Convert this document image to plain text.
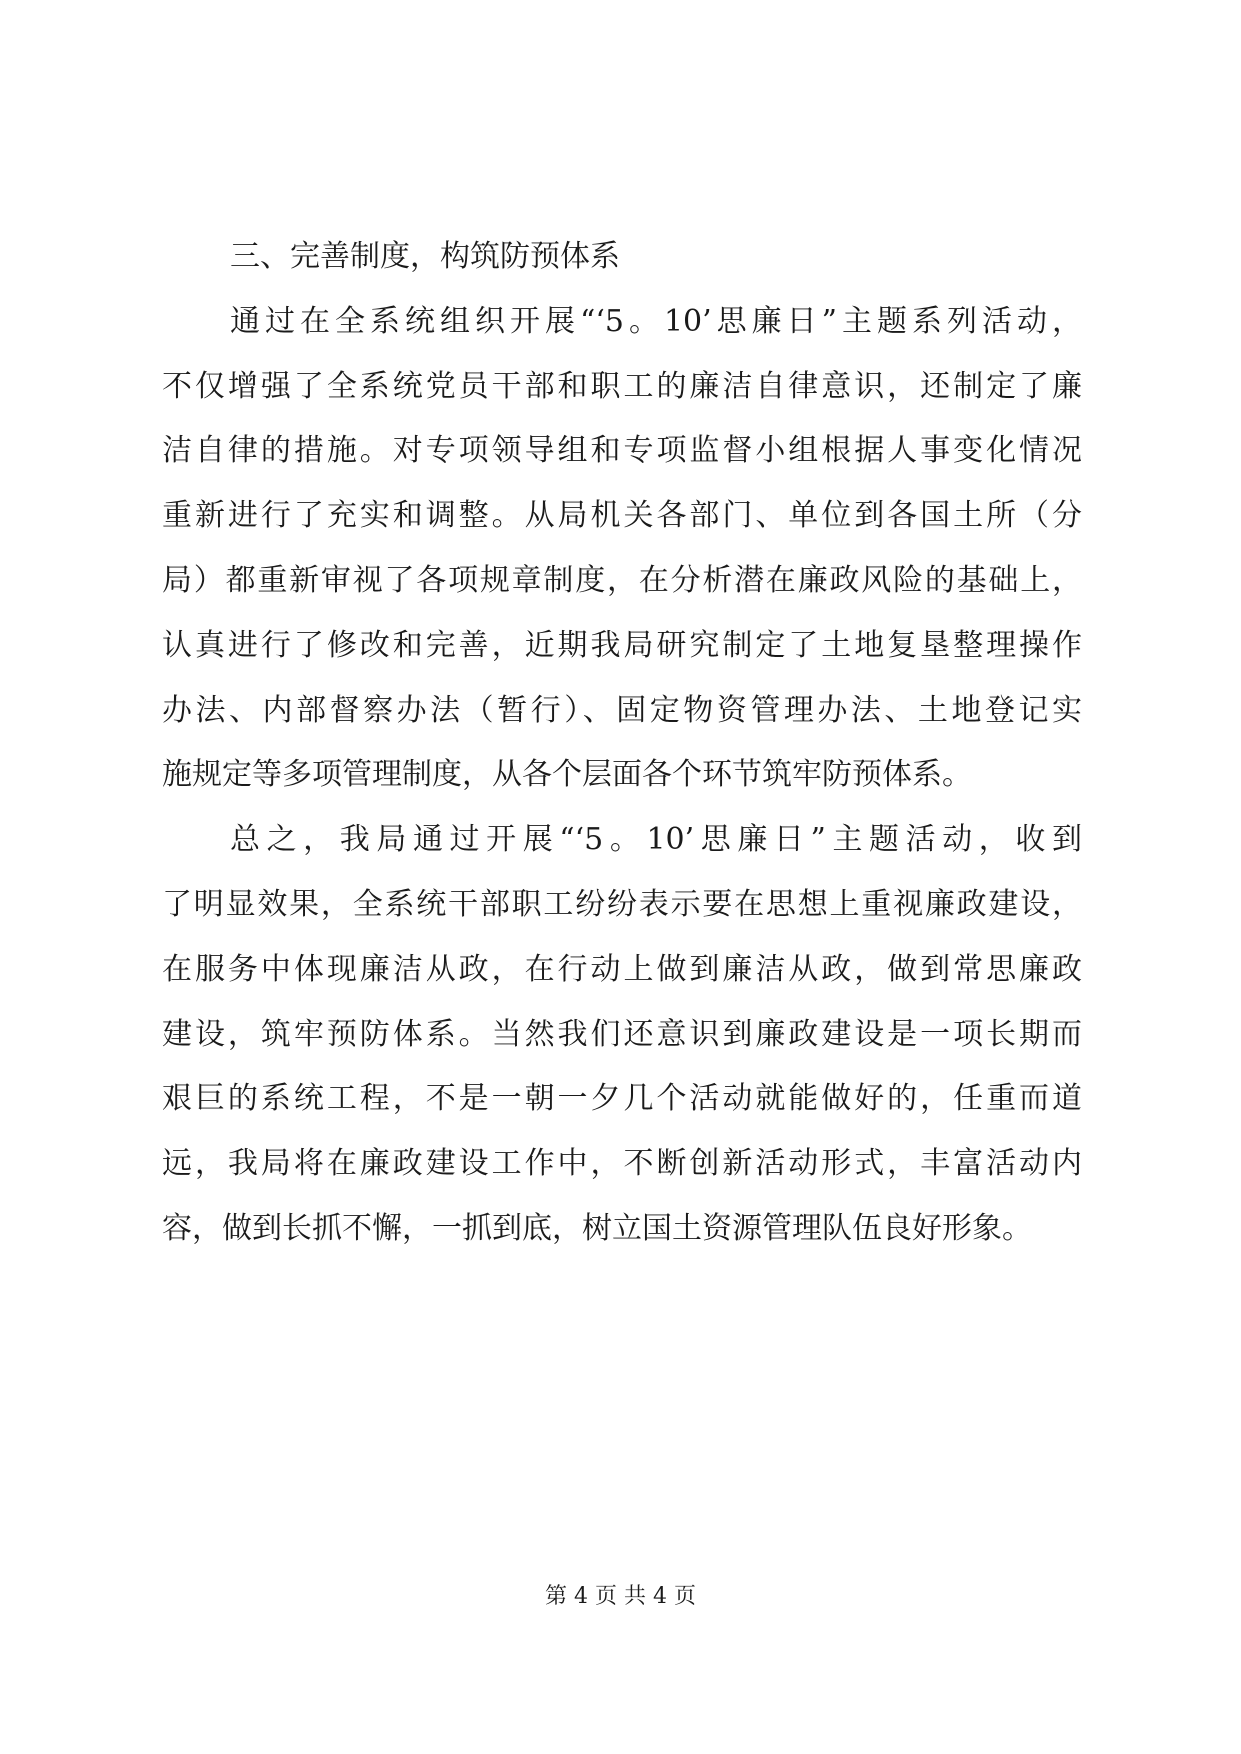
三、完善制度，构筑防预体系
通过在全系统组织开展“‘5。10’思廉日”主题系列活动，
不仅增强了全系统党员干部和职工的廉洁自律意识，还制定了廉
洁自律的措施。对专项领导组和专项监督小组根据人事变化情况
重新进行了充实和调整。从局机关各部门、单位到各国土所（分
局）都重新审视了各项规章制度，在分析潜在廉政风险的基础上，
认真进行了修改和完善，近期我局研究制定了土地复垦整理操作
办法、内部督察办法（暂行）、固定物资管理办法、土地登记实
施规定等多项管理制度，从各个层面各个环节筑牢防预体系。
总之，我局通过开展“‘5。10’思廉日”主题活动，收到
了明显效果，全系统干部职工纷纷表示要在思想上重视廉政建设，
在服务中体现廉洁从政，在行动上做到廉洁从政，做到常思廉政
建设，筑牢预防体系。当然我们还意识到廉政建设是一项长期而
艰巨的系统工程，不是一朝一夕几个活动就能做好的，任重而道
远，我局将在廉政建设工作中，不断创新活动形式，丰富活动内
容，做到长抓不懈，一抓到底，树立国土资源管理队伍良好形象。
第 4 页 共 4 页
